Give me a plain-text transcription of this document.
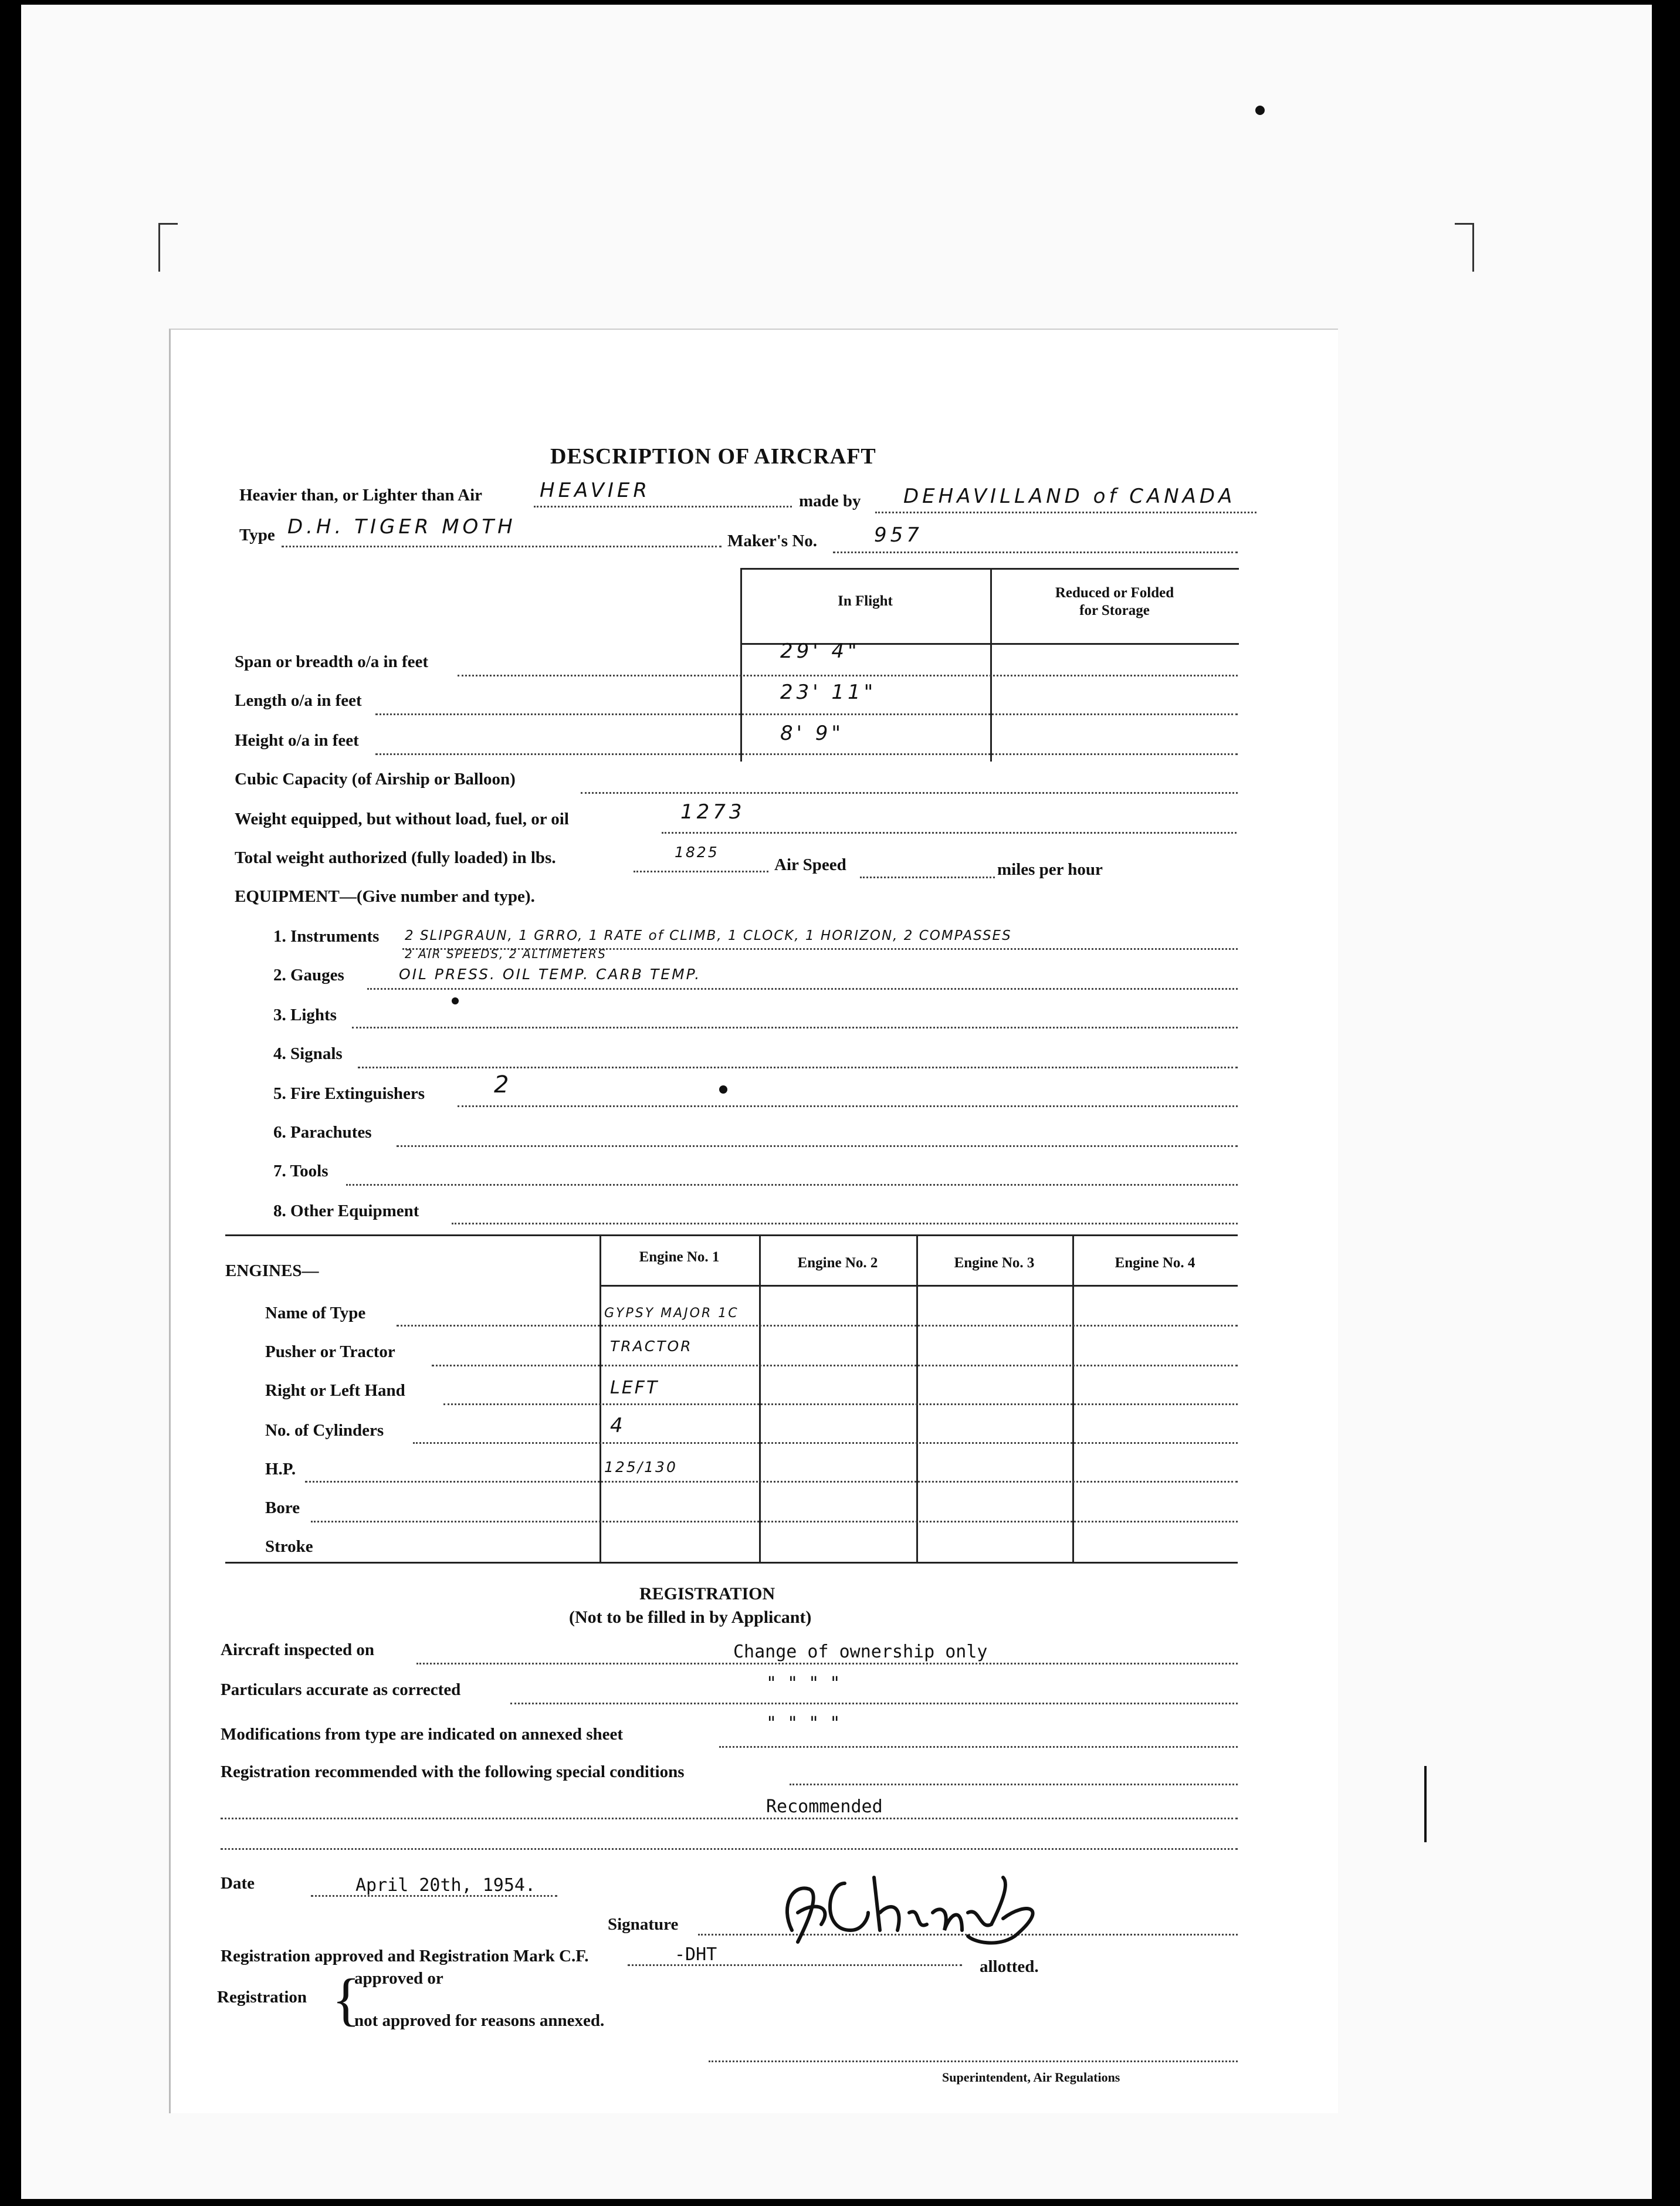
DESCRIPTION OF AIRCRAFT
Heavier than, or Lighter than Air	HEAVIER	made by DEHAVILLAND of CANADA
Type D.H. TIGER MOTH
Maker's No.	957
In Flight
Reduced or Folded
for Storage
Span or breadth o/a in feet	29' 4"
Length o/a in feet	23' 11"
Height o/a in feet	8' 9"
Cubic Capacity (of Airship or Balloon)
Weight equipped, but without load, fuel, or oil	1273
Total weight authorized (fully loaded) in lbs.	1825
Air Speed	miles per hour
EQUIPMENT—(Give number and type).
1. Instruments 2 SLIPGRAUN, 1 GRRO, 1 RATE of CLIMB, 1 CLOCK, 1 HORIZON, 2 COMPASSES
2 AIR SPEEDS, 2 ALTIMETERS
2. Gauges	OIL PRESS. OIL TEMP. CARB TEMP.
3. Lights
4. Signals
5. Fire Extinguishers	2
6. Parachutes
7. Tools
8. Other Equipment
Engine No. 1	Engine No. 2	Engine No. 3	Engine No. 4
ENGINES—
Name of Type	GYPSY MAJOR 1C
Pusher or Tractor	TRACTOR
Right or Left Hand	LEFT
No. of Cylinders	4
H.P.	125/130
Bore
Stroke
REGISTRATION
(Not to be filled in by Applicant)
Aircraft inspected on	Change of ownership only
Particulars accurate as corrected	" " " "
Modifications from type are indicated on annexed sheet
" " " "
Registration recommended with the following special conditions
Recommended
Date	April 20th, 1954.
Signature
Registration approved and Registration Mark C.F.	-DHT
allotted.
Registration {
approved or
not approved for reasons annexed.
Superintendent, Air Regulations
